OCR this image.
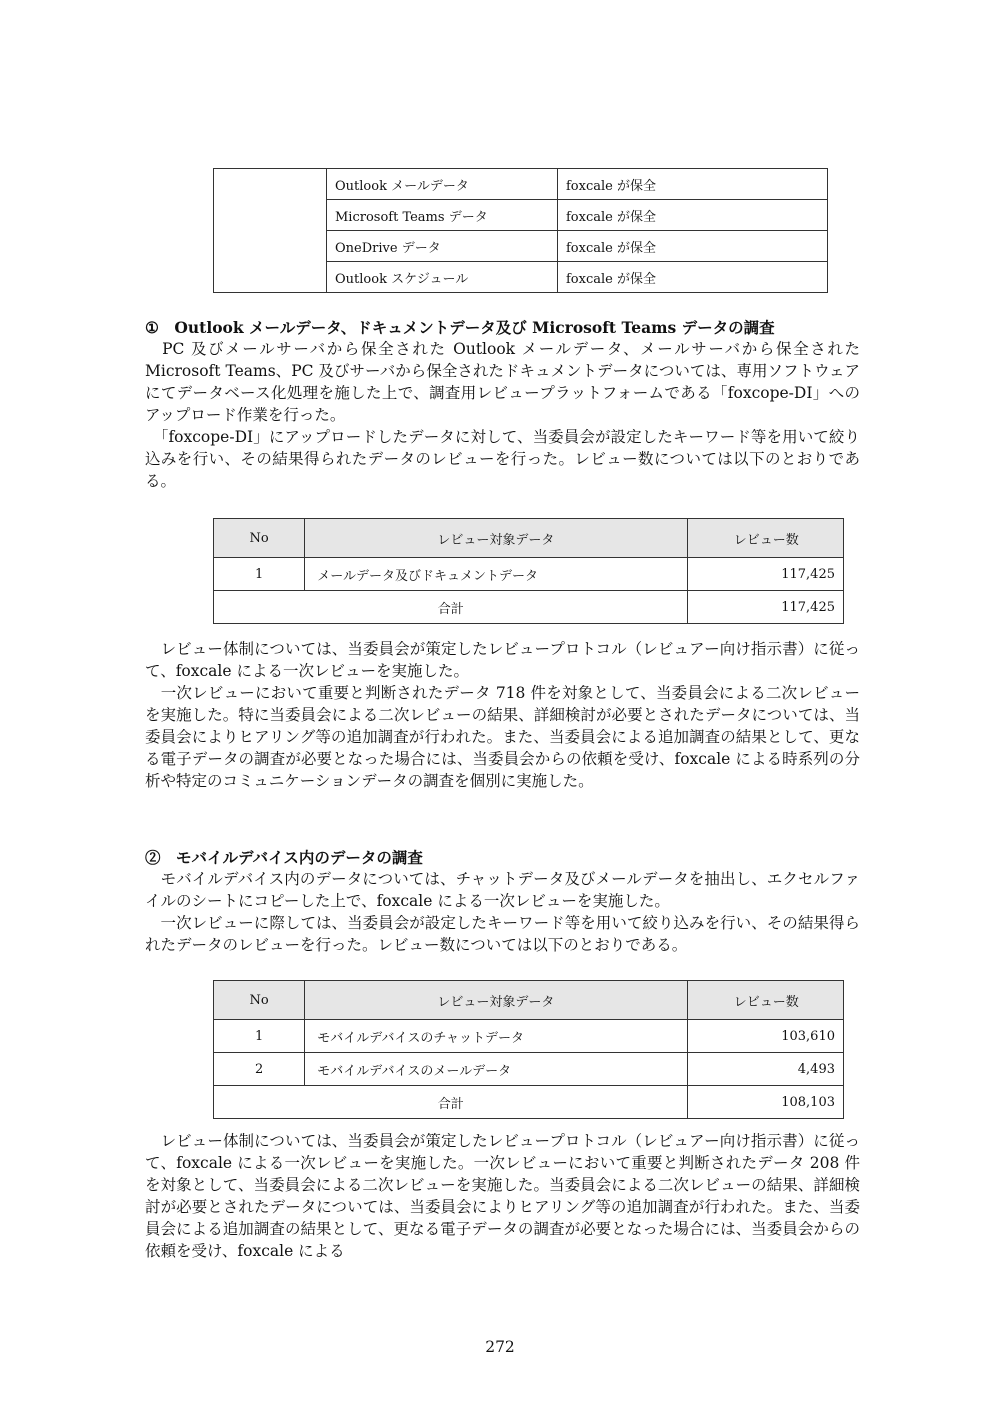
	Outlook メールデータ	foxcale が保全
	Microsoft Teams データ	foxcale が保全
	OneDrive データ	foxcale が保全
	Outlook スケジュール	foxcale が保全
①　Outlook メールデータ、ドキュメントデータ及び Microsoft Teams データの調査

　PC 及びメールサーバから保全された Outlook メールデータ、メールサーバから保全された Microsoft Teams、PC 及びサーバから保全されたドキュメントデータについては、専用ソフトウェアにてデータベース化処理を施した上で、調査用レビュープラットフォームである「foxcope-DI」へのアップロード作業を行った。

　「foxcope-DI」にアップロードしたデータに対して、当委員会が設定したキーワード等を用いて絞り込みを行い、その結果得られたデータのレビューを行った。レビュー数については以下のとおりである。

No	レビュー対象データ	レビュー数
1	メールデータ及びドキュメントデータ	117,425
合計		117,425

　レビュー体制については、当委員会が策定したレビュープロトコル（レビュアー向け指示書）に従って、foxcale による一次レビューを実施した。

　一次レビューにおいて重要と判断されたデータ 718 件を対象として、当委員会による二次レビューを実施した。特に当委員会による二次レビューの結果、詳細検討が必要とされたデータについては、当委員会によりヒアリング等の追加調査が行われた。また、当委員会による追加調査の結果として、更なる電子データの調査が必要となった場合には、当委員会からの依頼を受け、foxcale による時系列の分析や特定のコミュニケーションデータの調査を個別に実施した。

②　モバイルデバイス内のデータの調査

　モバイルデバイス内のデータについては、チャットデータ及びメールデータを抽出し、エクセルファイルのシートにコピーした上で、foxcale による一次レビューを実施した。

　一次レビューに際しては、当委員会が設定したキーワード等を用いて絞り込みを行い、その結果得られたデータのレビューを行った。レビュー数については以下のとおりである。

No	レビュー対象データ	レビュー数
1	モバイルデバイスのチャットデータ	103,610
2	モバイルデバイスのメールデータ	4,493
合計		108,103

　レビュー体制については、当委員会が策定したレビュープロトコル（レビュアー向け指示書）に従って、foxcale による一次レビューを実施した。一次レビューにおいて重要と判断されたデータ 208 件を対象として、当委員会による二次レビューを実施した。当委員会による二次レビューの結果、詳細検討が必要とされたデータについては、当委員会によりヒアリング等の追加調査が行われた。また、当委員会による追加調査の結果として、更なる電子データの調査が必要となった場合には、当委員会からの依頼を受け、foxcale による

272
